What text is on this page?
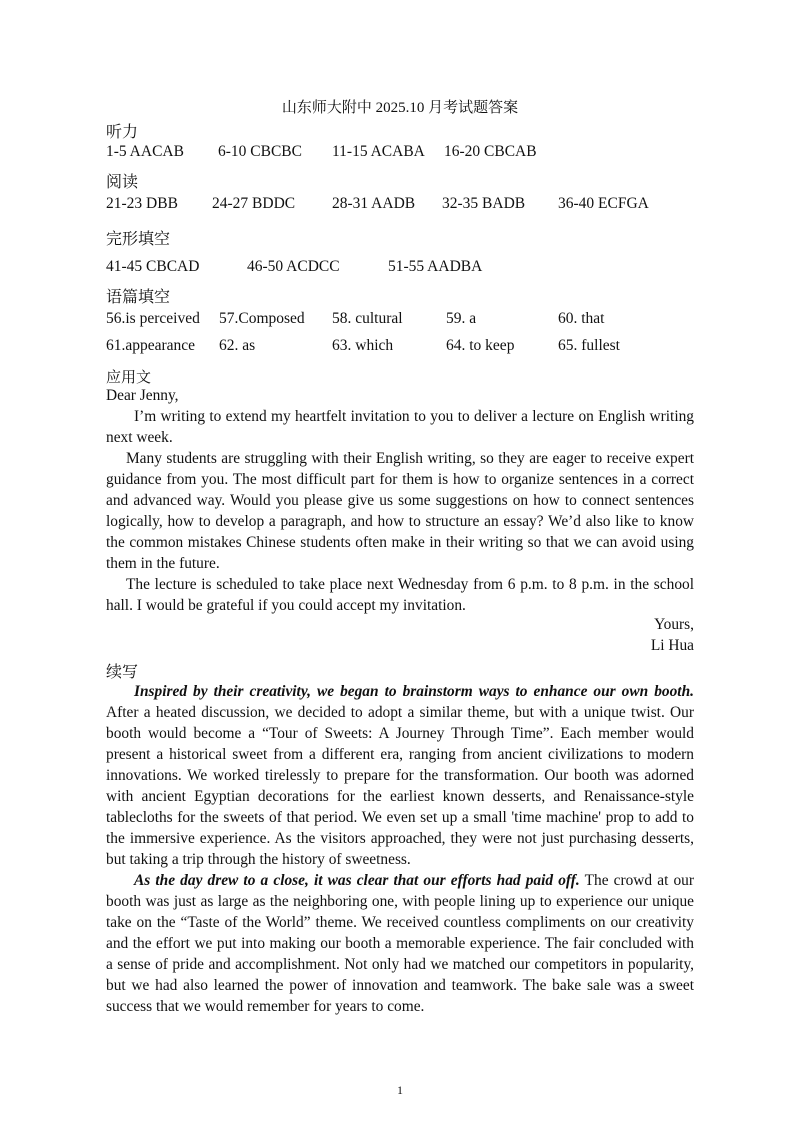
山东师大附中 2025.10 月考试题答案
听力
1-5 AACAB 6-10 CBCBC 11-15 ACABA 16-20 CBCAB
阅读
21-23 DBB 24-27 BDDC 28-31 AADB 32-35 BADB 36-40 ECFGA
完形填空
41-45 CBCAD	46-50 ACDCC	51-55 AADBA
语篇填空
56.is perceived 57.Composed 58. cultural	59. a	60. that
61.appearance 62. as	63. which	64. to keep	65. fullest
应用文

Dear Jenny,

I’m writing to extend my heartfelt invitation to you to deliver a lecture on English writing next week.

Many students are struggling with their English writing, so they are eager to receive expert guidance from you. The most difficult part for them is how to organize sentences in a correct and advanced way. Would you please give us some suggestions on how to connect sentences logically, how to develop a paragraph, and how to structure an essay? We’d also like to know the common mistakes Chinese students often make in their writing so that we can avoid using them in the future.

The lecture is scheduled to take place next Wednesday from 6 p.m. to 8 p.m. in the school hall. I would be grateful if you could accept my invitation.

Yours,
Li Hua
续写

Inspired by their creativity, we began to brainstorm ways to enhance our own booth. After a heated discussion, we decided to adopt a similar theme, but with a unique twist. Our booth would become a “Tour of Sweets: A Journey Through Time”. Each member would present a historical sweet from a different era, ranging from ancient civilizations to modern innovations. We worked tirelessly to prepare for the transformation. Our booth was adorned with ancient Egyptian decorations for the earliest known desserts, and Renaissance-style tablecloths for the sweets of that period. We even set up a small 'time machine' prop to add to the immersive experience. As the visitors approached, they were not just purchasing desserts, but taking a trip through the history of sweetness.

As the day drew to a close, it was clear that our efforts had paid off. The crowd at our booth was just as large as the neighboring one, with people lining up to experience our unique take on the “Taste of the World” theme. We received countless compliments on our creativity and the effort we put into making our booth a memorable experience. The fair concluded with a sense of pride and accomplishment. Not only had we matched our competitors in popularity, but we had also learned the power of innovation and teamwork. The bake sale was a sweet success that we would remember for years to come.

1
